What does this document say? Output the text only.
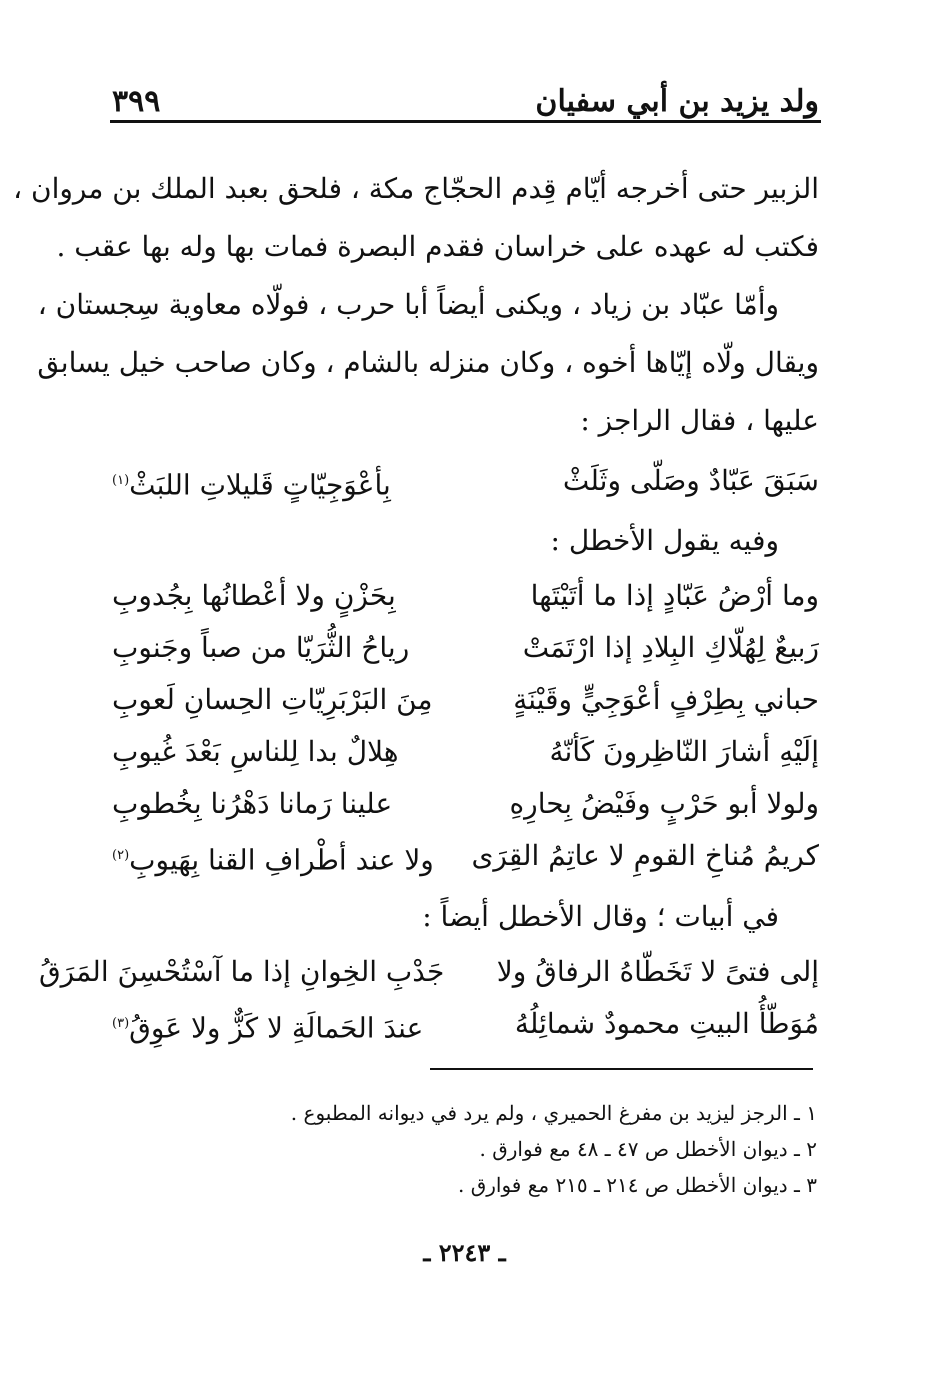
ولد يزيد بن أبي سفيان
٣٩٩
الزبير حتى أخرجه أيّام قِدم الحجّاج مكة ، فلحق بعبد الملك بن مروان ،
فكتب له عهده على خراسان فقدم البصرة فمات بها وله بها عقب .
وأمّا عبّاد بن زياد ، ويكنى أيضاً أبا حرب ، فولّاه معاوية سِجستان ،
ويقال ولّاه إيّاها أخوه ، وكان منزله بالشام ، وكان صاحب خيل يسابق
عليها ، فقال الراجز :
سَبَقَ عَبّادٌ وصَلّى وثَلَثْ
بِأعْوَجِيّاتٍ قَليلاتِ اللبَثْ$^{(١)}$
وفيه يقول الأخطل :
وما أرْضُ عَبّادٍ إذا ما أتَيْتَها
بِحَزْنٍ ولا أعْطانُها بِجُدوبِ
رَبيعٌ لِهُلّاكِ البِلادِ إذا ارْتَمَتْ
رياحُ الثُّرَيّا من صباً وجَنوبِ
حباني بِطِرْفٍ أعْوَجِيٍّ وقَيْنَةٍ
مِنَ البَرْبَرِيّاتِ الحِسانِ لَعوبِ
إلَيْهِ أشارَ النّاظِرونَ كَأنّهُ
هِلالٌ بدا لِلناسِ بَعْدَ غُيوبِ
ولولا أبو حَرْبٍ وفَيْضُ بِحارِهِ
علينا رَمانا دَهْرُنا بِخُطوبِ
كريمُ مُناخِ القومِ لا عاتِمُ القِرَى
ولا عند أطْرافِ القنا بِهَيوبِ$^{(٢)}$
في أبيات ؛ وقال الأخطل أيضاً :
إلى فتىً لا تَخَطّاهُ الرفاقُ ولا
جَدْبِ الخِوانِ إذا ما آسْتُحْسِنَ المَرَقُ
مُوَطّأُ البيتِ محمودٌ شمائِلُهُ
عندَ الحَمالَةِ لا كَزٌّ ولا عَوِقُ$^{(٣)}$
١ ـ الرجز ليزيد بن مفرغ الحميري ، ولم يرد في ديوانه المطبوع .
٢ ـ ديوان الأخطل ص ٤٧ ـ ٤٨ مع فوارق .
٣ ـ ديوان الأخطل ص ٢١٤ ـ ٢١٥ مع فوارق .
ـ ٢٢٤٣ ـ
